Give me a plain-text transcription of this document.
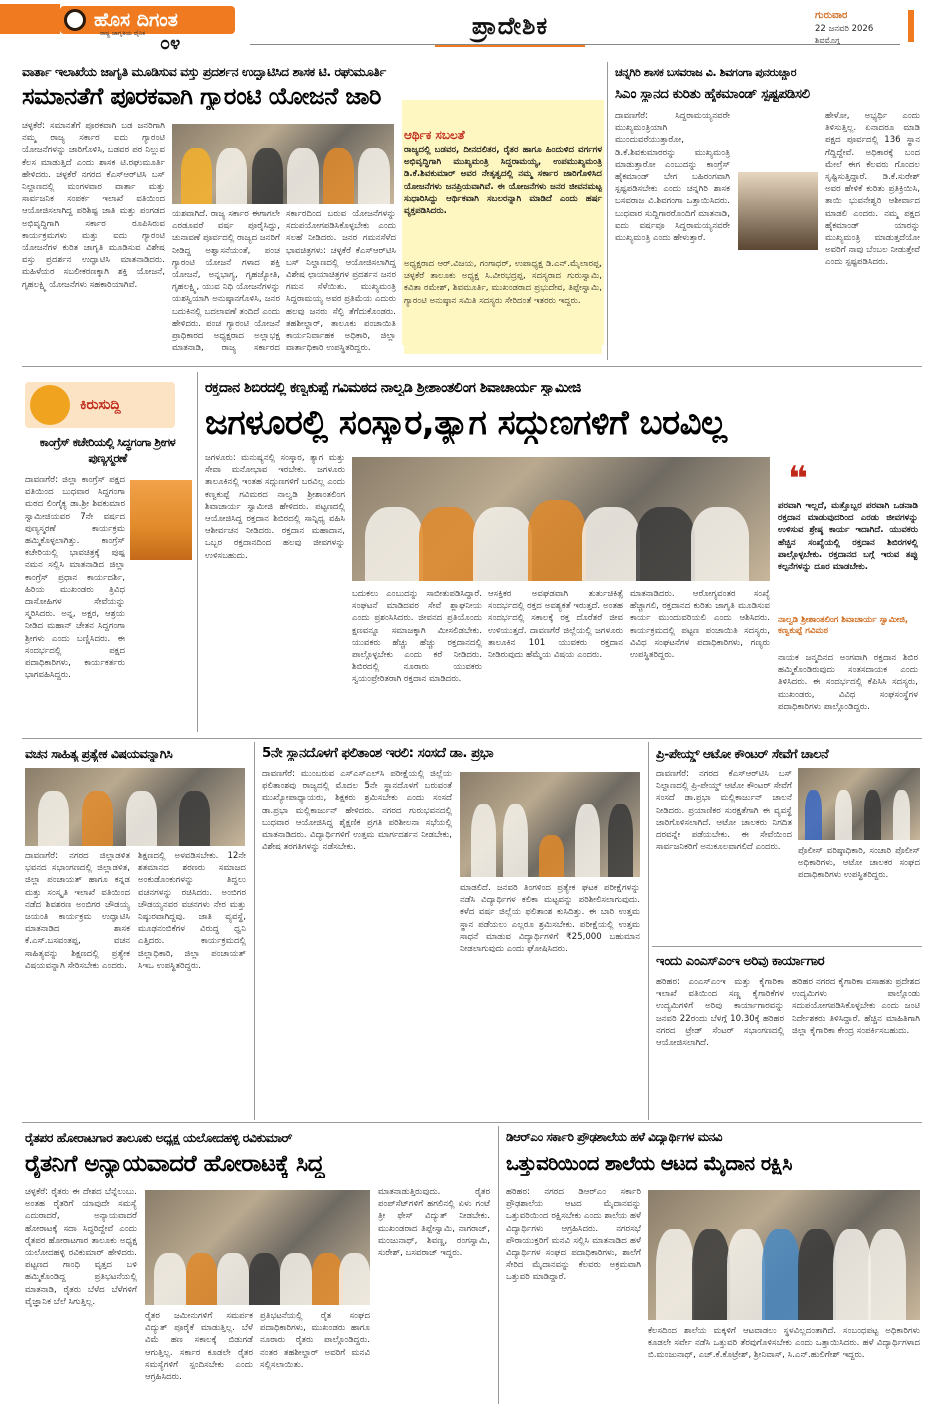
ಹೊಸ ದಿಗಂತ
ರಾಷ್ಟ್ರ ಜಾಗೃತಿಯ ದೈನಿಕ ೦೪
ಪ್ರಾದೇಶಿಕ	ಗುರುವಾರ
22 ಜನವರಿ 2026
ಶಿವಮೊಗ್ಗ
ವಾರ್ತಾ ಇಲಾಖೆಯ ಜಾಗೃತಿ ಮೂಡಿಸುವ ವಸ್ತು ಪ್ರದರ್ಶನ ಉದ್ಘಾಟಿಸಿದ ಶಾಸಕ ಟಿ. ರಘುಮೂರ್ತಿ
ಸಮಾನತೆಗೆ ಪೂರಕವಾಗಿ ಗ್ಯಾರಂಟಿ ಯೋಜನೆ ಜಾರಿ
ಚಳ್ಳಕೆರೆ: ಸಮಾನತೆಗೆ ಪೂರಕವಾಗಿ ಬಡ ಜನರಿಗಾಗಿ ನಮ್ಮ ರಾಜ್ಯ ಸರ್ಕಾರ ಐದು ಗ್ಯಾರಂಟಿ ಯೋಜನೆಗಳನ್ನು ಜಾರಿಗೊಳಿಸಿ, ಬಡವರ ಪರ ನಿಲ್ಲುವ ಕೆಲಸ ಮಾಡುತ್ತಿದೆ ಎಂದು ಶಾಸಕ ಟಿ.ರಘುಮೂರ್ತಿ ಹೇಳಿದರು. ಚಳ್ಳಕೆರೆ ನಗರದ ಕೆಎಸ್‌ಆರ್‌ಟಿಸಿ ಬಸ್ ನಿಲ್ದಾಣದಲ್ಲಿ ಮಂಗಳವಾರ ವಾರ್ತಾ ಮತ್ತು ಸಾರ್ವಜನಿಕ ಸಂಪರ್ಕ ಇಲಾಖೆ ವತಿಯಿಂದ ಆಯೋಜಿಸಲಾಗಿದ್ದ ಪರಿಶಿಷ್ಟ ಜಾತಿ ಮತ್ತು ಪಂಗಡದ ಅಭಿವೃದ್ಧಿಗಾಗಿ ಸರ್ಕಾರ ರೂಪಿಸಿರುವ ಕಾರ್ಯಕ್ರಮಗಳು ಮತ್ತು ಐದು ಗ್ಯಾರಂಟಿ ಯೋಜನೆಗಳ ಕುರಿತ ಜಾಗೃತಿ ಮೂಡಿಸುವ ವಿಶೇಷ ವಸ್ತು ಪ್ರದರ್ಶನ ಉದ್ಘಾಟಿಸಿ ಮಾತನಾಡಿದರು. ಮಹಿಳೆಯರ ಸಬಲೀಕರಣಕ್ಕಾಗಿ ಶಕ್ತಿ ಯೋಜನೆ, ಗೃಹಲಕ್ಷ್ಮಿ ಯೋಜನೆಗಳು ಸಹಕಾರಿಯಾಗಿವೆ.
ಯಶವಾಗಿದೆ. ರಾಜ್ಯ ಸರ್ಕಾರ ಈಗಾಗಲೇ ಎರಡೂವರೆ ವರ್ಷ ಪೂರೈಸಿದ್ದು, ಚುನಾವಣೆ ಪೂರ್ವದಲ್ಲಿ ರಾಜ್ಯದ ಜನರಿಗೆ ನೀಡಿದ್ದ ಅಶ್ವಾಸನೆಯಂತೆ, ಪಂಚ ಗ್ಯಾರಂಟಿ ಯೋಜನೆ ಗಳಾದ ಶಕ್ತಿ ಯೋಜನೆ, ಅನ್ನಭಾಗ್ಯ, ಗೃಹಜ್ಯೋತಿ, ಗೃಹಲಕ್ಷ್ಮಿ, ಯುವ ನಿಧಿ ಯೋಜನೆಗಳನ್ನು ಯಶಸ್ವಿಯಾಗಿ ಅನುಷ್ಠಾನಗೊಳಿಸಿ, ಜನರ ಬದುಕಿನಲ್ಲಿ ಬದಲಾವಣೆ ತಂದಿದೆ ಎಂದು ಹೇಳಿದರು. ಪಂಚ ಗ್ಯಾರಂಟಿ ಯೋಜನೆ ಪ್ರಾಧಿಕಾರದ ಅಧ್ಯಕ್ಷರಾದ ಅಲ್ಲಾಭಕ್ಷ ಮಾತನಾಡಿ, ರಾಜ್ಯ ಸರ್ಕಾರದ
ಸರ್ಕಾರದಿಂದ ಬರುವ ಯೋಜನೆಗಳನ್ನು ಸದುಪಯೋಗಪಡಿಸಿಕೊಳ್ಳಬೇಕು ಎಂದು ಸಲಹೆ ನೀಡಿದರು. ಜನರ ಗಮನಸೆಳೆದ ಭಾವಚಿತ್ರಗಳು: ಚಳ್ಳಕೆರೆ ಕೆಎಸ್‌ಆರ್‌ಟಿಸಿ ಬಸ್ ನಿಲ್ದಾಣದಲ್ಲಿ ಆಯೋಜಿಸಲಾಗಿದ್ದ ವಿಶೇಷ ಛಾಯಾಚಿತ್ರಗಳ ಪ್ರದರ್ಶನ ಜನರ ಗಮನ ಸೆಳೆಯಿತು. ಮುಖ್ಯಮಂತ್ರಿ ಸಿದ್ದರಾಮಯ್ಯ ಅವರ ಪ್ರತಿಮೆಯ ಎದುರು ಹಲವು ಜನರು ಸೆಲ್ಫಿ ತೆಗೆದುಕೊಂಡರು. ತಹಶೀಲ್ದಾರ್, ತಾಲೂಕು ಪಂಚಾಯಿತಿ ಕಾರ್ಯನಿರ್ವಾಹಕ ಅಧಿಕಾರಿ, ಜಿಲ್ಲಾ ವಾರ್ತಾಧಿಕಾರಿ ಉಪಸ್ಥಿತರಿದ್ದರು.
ಆರ್ಥಿಕ ಸಬಲತೆ
ರಾಜ್ಯದಲ್ಲಿ ಬಡವರ, ದೀನದಲಿತರ, ರೈತರ ಹಾಗೂ ಹಿಂದುಳಿದ ವರ್ಗಗಳ ಅಭಿವೃದ್ಧಿಗಾಗಿ ಮುಖ್ಯಮಂತ್ರಿ ಸಿದ್ದರಾಮಯ್ಯ, ಉಪಮುಖ್ಯಮಂತ್ರಿ ಡಿ.ಕೆ.ಶಿವಕುಮಾರ್ ಅವರ ನೇತೃತ್ವದಲ್ಲಿ ನಮ್ಮ ಸರ್ಕಾರ ಜಾರಿಗೊಳಿಸಿದ ಯೋಜನೆಗಳು ಜನಪ್ರಿಯವಾಗಿವೆ. ಈ ಯೋಜನೆಗಳು ಜನರ ಜೀವನಮಟ್ಟ ಸುಧಾರಿಸಿದ್ದು ಆರ್ಥಿಕವಾಗಿ ಸಬಲರನ್ನಾಗಿ ಮಾಡಿದೆ ಎಂದು ಹರ್ಷ ವ್ಯಕ್ತಪಡಿಸಿದರು.
ಅಧ್ಯಕ್ಷರಾದ ಆರ್.ವಿಜಯ, ಗಂಗಾಧರ್, ಉಪಾಧ್ಯಕ್ಷ ಡಿ.ಎನ್.ಮೈಲಾರಪ್ಪ, ಚಳ್ಳಕೆರೆ ತಾಲೂಕು ಅಧ್ಯಕ್ಷ ಸಿ.ವೀರಭದ್ರಪ್ಪ, ಸದಸ್ಯರಾದ ಗುರುಸ್ವಾಮಿ, ಕವಿತಾ ರಮೇಶ್, ಶಿವಮೂರ್ತಿ, ಮುಖಂಡರಾದ ಪ್ರಭುದೇವ, ತಿಪ್ಪೇಸ್ವಾಮಿ, ಗ್ಯಾರಂಟಿ ಅನುಷ್ಠಾನ ಸಮಿತಿ ಸದಸ್ಯರು ಸೇರಿದಂತೆ ಇತರರು ಇದ್ದರು.
ಚನ್ನಗಿರಿ ಶಾಸಕ ಬಸವರಾಜ ವಿ. ಶಿವಗಂಗಾ ಪುನರುಚ್ಚಾರ
ಸಿಎಂ ಸ್ಥಾನದ ಕುರಿತು ಹೈಕಮಾಂಡ್ ಸ್ಪಷ್ಟಪಡಿಸಲಿ
ದಾವಣಗೆರೆ: ಸಿದ್ದರಾಮಯ್ಯನವರೇ ಮುಖ್ಯಮಂತ್ರಿಯಾಗಿ ಮುಂದುವರೆಯುತ್ತಾರೋ, ಡಿ.ಕೆ.ಶಿವಕುಮಾರರನ್ನು ಮುಖ್ಯಮಂತ್ರಿ ಮಾಡುತ್ತಾರೋ ಎಂಬುದನ್ನು ಕಾಂಗ್ರೆಸ್ ಹೈಕಮಾಂಡ್ ಬೇಗ ಬಹಿರಂಗವಾಗಿ ಸ್ಪಷ್ಟಪಡಿಸಬೇಕು ಎಂದು ಚನ್ನಗಿರಿ ಶಾಸಕ ಬಸವರಾಜ ವಿ.ಶಿವಗಂಗಾ ಒತ್ತಾಯಿಸಿದರು. ಬುಧವಾರ ಸುದ್ದಿಗಾರರೊಂದಿಗೆ ಮಾತನಾಡಿ, ಐದು ವರ್ಷವೂ ಸಿದ್ದರಾಮಯ್ಯನವರೇ ಮುಖ್ಯಮಂತ್ರಿ ಎಂದು ಹೇಳುತ್ತಾರೆ.
ಹೇಳೋ, ಅಭ್ಯರ್ಥಿ ಎಂದು ತಿಳಿಸುತ್ತಿಲ್ಲ. ಏನಾದರೂ ಮಾಡಿ ಪಕ್ಷದ ಪೂರ್ವದಲ್ಲಿ 136 ಸ್ಥಾನ ಗೆದ್ದಿದ್ದೇವೆ. ಅಧಿಕಾರಕ್ಕೆ ಬಂದ ಮೇಲೆ ಈಗ ಕೆಲವರು ಗೊಂದಲ ಸೃಷ್ಟಿಸುತ್ತಿದ್ದಾರೆ. ಡಿ.ಕೆ.ಸುರೇಶ್ ಅವರ ಹೇಳಿಕೆ ಕುರಿತು ಪ್ರತಿಕ್ರಿಯಿಸಿ, ತಾಯಿ ಭುವನೇಶ್ವರಿ ಆಶೀರ್ವಾದ ಮಾಡಲಿ ಎಂದರು. ನಮ್ಮ ಪಕ್ಷದ ಹೈಕಮಾಂಡ್ ಯಾರನ್ನು ಮುಖ್ಯಮಂತ್ರಿ ಮಾಡುತ್ತದೆಯೋ ಅವರಿಗೆ ನಾವು ಬೆಂಬಲ ನೀಡುತ್ತೇವೆ ಎಂದು ಸ್ಪಷ್ಟಪಡಿಸಿದರು.
ಕಿರುಸುದ್ದಿ
ಕಾಂಗ್ರೆಸ್ ಕಚೇರಿಯಲ್ಲಿ ಸಿದ್ಧಗಂಗಾ ಶ್ರೀಗಳ ಪುಣ್ಯಸ್ಮರಣೆ
ದಾವಣಗೆರೆ: ಜಿಲ್ಲಾ ಕಾಂಗ್ರೆಸ್ ಪಕ್ಷದ ವತಿಯಿಂದ ಬುಧವಾರ ಸಿದ್ದಗಂಗಾ ಮಠದ ಲಿಂಗೈಕ್ಯ ಡಾ.ಶ್ರೀ ಶಿವಕುಮಾರ ಸ್ವಾಮೀಜಿಯವರ 7ನೇ ವರ್ಷದ ಪುಣ್ಯಸ್ಮರಣೆ ಕಾರ್ಯಕ್ರಮ ಹಮ್ಮಿಕೊಳ್ಳಲಾಗಿತ್ತು. ಕಾಂಗ್ರೆಸ್ ಕಚೇರಿಯಲ್ಲಿ ಭಾವಚಿತ್ರಕ್ಕೆ ಪುಷ್ಪ ನಮನ ಸಲ್ಲಿಸಿ ಮಾತನಾಡಿದ ಜಿಲ್ಲಾ ಕಾಂಗ್ರೆಸ್ ಪ್ರಧಾನ ಕಾರ್ಯದರ್ಶಿ, ಹಿರಿಯ ಮುಖಂಡರು ತ್ರಿವಿಧ ದಾಸೋಹಿಗಳ ಸೇವೆಯನ್ನು ಸ್ಮರಿಸಿದರು. ಅನ್ನ, ಅಕ್ಷರ, ಆಶ್ರಯ ನೀಡಿದ ಮಹಾನ್ ಚೇತನ ಸಿದ್ದಗಂಗಾ ಶ್ರೀಗಳು ಎಂದು ಬಣ್ಣಿಸಿದರು. ಈ ಸಂದರ್ಭದಲ್ಲಿ ಪಕ್ಷದ ಪದಾಧಿಕಾರಿಗಳು, ಕಾರ್ಯಕರ್ತರು ಭಾಗವಹಿಸಿದ್ದರು.
ರಕ್ತದಾನ ಶಿಬಿರದಲ್ಲಿ ಕಣ್ವಕುಪ್ಪೆ ಗವಿಮಠದ ನಾಲ್ವಡಿ ಶ್ರೀಶಾಂತಲಿಂಗ ಶಿವಾಚಾರ್ಯ ಸ್ವಾಮೀಜಿ
ಜಗಳೂರಲ್ಲಿ ಸಂಸ್ಕಾರ,ತ್ಯಾಗ ಸದ್ಗುಣಗಳಿಗೆ ಬರವಿಲ್ಲ
ಜಗಳೂರು: ಮನುಷ್ಯನಲ್ಲಿ ಸಂಸ್ಕಾರ, ತ್ಯಾಗ ಮತ್ತು ಸೇವಾ ಮನೋಭಾವ ಇರಬೇಕು. ಜಗಳೂರು ತಾಲೂಕಿನಲ್ಲಿ ಇಂತಹ ಸದ್ಗುಣಗಳಿಗೆ ಬರವಿಲ್ಲ ಎಂದು ಕಣ್ವಕುಪ್ಪೆ ಗವಿಮಠದ ನಾಲ್ವಡಿ ಶ್ರೀಶಾಂತಲಿಂಗ ಶಿವಾಚಾರ್ಯ ಸ್ವಾಮೀಜಿ ಹೇಳಿದರು. ಪಟ್ಟಣದಲ್ಲಿ ಆಯೋಜಿಸಿದ್ದ ರಕ್ತದಾನ ಶಿಬಿರದಲ್ಲಿ ಸಾನ್ನಿಧ್ಯ ವಹಿಸಿ ಆಶೀರ್ವಚನ ನೀಡಿದರು. ರಕ್ತದಾನ ಮಹಾದಾನ, ಒಬ್ಬರ ರಕ್ತದಾನದಿಂದ ಹಲವು ಜೀವಗಳನ್ನು ಉಳಿಸಬಹುದು.
ಬದುಕಲು ಎಂಬುದನ್ನು ಸಾಬೀತುಪಡಿಸಿದ್ದಾರೆ. ಸಂಘಟನೆ ಮಾಡಿದವರ ಸೇವೆ ಶ್ಲಾಘನೀಯ ಎಂದು ಪ್ರಶಂಸಿಸಿದರು. ಜೀವನದ ಪ್ರತಿಯೊಂದು ಕ್ಷಣವನ್ನೂ ಸಮಾಜಕ್ಕಾಗಿ ಮೀಸಲಿಡಬೇಕು. ಯುವಕರು ಹೆಚ್ಚು ಹೆಚ್ಚು ರಕ್ತದಾನದಲ್ಲಿ ಪಾಲ್ಗೊಳ್ಳಬೇಕು ಎಂದು ಕರೆ ನೀಡಿದರು. ಶಿಬಿರದಲ್ಲಿ ನೂರಾರು ಯುವಕರು ಸ್ವಯಂಪ್ರೇರಿತರಾಗಿ ರಕ್ತದಾನ ಮಾಡಿದರು.
ಆಸಕ್ತಿಕರ ಅವಘಡವಾಗಿ ತುರ್ತುಚಿಕಿತ್ಸೆ ಸಂದರ್ಭದಲ್ಲಿ ರಕ್ತದ ಅವಶ್ಯಕತೆ ಇರುತ್ತದೆ. ಅಂತಹ ಸಂದರ್ಭದಲ್ಲಿ ಸಕಾಲಕ್ಕೆ ರಕ್ತ ದೊರೆತರೆ ಜೀವ ಉಳಿಯುತ್ತದೆ. ದಾವಣಗೆರೆ ಜಿಲ್ಲೆಯಲ್ಲಿ ಜಗಳೂರು ತಾಲೂಕಿನ 101 ಯುವಕರು ರಕ್ತದಾನ ನೀಡಿರುವುದು ಹೆಮ್ಮೆಯ ವಿಷಯ ಎಂದರು.
ಮಾತನಾಡಿದರು. ಆರೋಗ್ಯವಂತರ ಸಂಖ್ಯೆ ಹೆಚ್ಚಾಗಲಿ, ರಕ್ತದಾನದ ಕುರಿತು ಜಾಗೃತಿ ಮೂಡಿಸುವ ಕಾರ್ಯ ಮುಂದುವರಿಯಲಿ ಎಂದು ಆಶಿಸಿದರು. ಕಾರ್ಯಕ್ರಮದಲ್ಲಿ ಪಟ್ಟಣ ಪಂಚಾಯಿತಿ ಸದಸ್ಯರು, ವಿವಿಧ ಸಂಘಟನೆಗಳ ಪದಾಧಿಕಾರಿಗಳು, ಗಣ್ಯರು ಉಪಸ್ಥಿತರಿದ್ದರು.
❝
ಪರವಾಗಿ ಇಲ್ಲದೆ, ಮತ್ತೊಬ್ಬರ ಪರವಾಗಿ ಒಡನಾಡಿ ರಕ್ತದಾನ ಮಾಡುವುದರಿಂದ ಎರಡು ಜೀವಗಳನ್ನು ಉಳಿಸುವ ಶ್ರೇಷ್ಠ ಕಾರ್ಯ ಇದಾಗಿದೆ. ಯುವಕರು ಹೆಚ್ಚಿನ ಸಂಖ್ಯೆಯಲ್ಲಿ ರಕ್ತದಾನ ಶಿಬಿರಗಳಲ್ಲಿ ಪಾಲ್ಗೊಳ್ಳಬೇಕು. ರಕ್ತದಾನದ ಬಗ್ಗೆ ಇರುವ ತಪ್ಪು ಕಲ್ಪನೆಗಳನ್ನು ದೂರ ಮಾಡಬೇಕು.
ನಾಲ್ವಡಿ ಶ್ರೀಶಾಂತಲಿಂಗ ಶಿವಾಚಾರ್ಯ ಸ್ವಾಮೀಜಿ, ಕಣ್ವಕುಪ್ಪೆ ಗವಿಮಠ
ನಾಯಕ ಜನ್ಮದಿನದ ಅಂಗವಾಗಿ ರಕ್ತದಾನ ಶಿಬಿರ ಹಮ್ಮಿಕೊಂಡಿರುವುದು ಸಂತಸದಾಯಕ ಎಂದು ತಿಳಿಸಿದರು. ಈ ಸಂದರ್ಭದಲ್ಲಿ ಕೆಪಿಸಿಸಿ ಸದಸ್ಯರು, ಮುಖಂಡರು, ವಿವಿಧ ಸಂಘಸಂಸ್ಥೆಗಳ ಪದಾಧಿಕಾರಿಗಳು ಪಾಲ್ಗೊಂಡಿದ್ದರು.
ವಚನ ಸಾಹಿತ್ಯ ಪ್ರತ್ಯೇಕ ವಿಷಯವನ್ನಾಗಿಸಿ
ದಾವಣಗೆರೆ: ನಗರದ ಜಿಲ್ಲಾಡಳಿತ ಭವನದ ಸಭಾಂಗಣದಲ್ಲಿ ಜಿಲ್ಲಾಡಳಿತ, ಜಿಲ್ಲಾ ಪಂಚಾಯತ್ ಹಾಗೂ ಕನ್ನಡ ಮತ್ತು ಸಂಸ್ಕೃತಿ ಇಲಾಖೆ ವತಿಯಿಂದ ನಡೆದ ಶಿವಶರಣ ಅಂಬಿಗರ ಚೌಡಯ್ಯ ಜಯಂತಿ ಕಾರ್ಯಕ್ರಮ ಉದ್ಘಾಟಿಸಿ ಮಾತನಾಡಿದ ಶಾಸಕ ಕೆ.ಎಸ್.ಬಸವಂತಪ್ಪ, ವಚನ ಸಾಹಿತ್ಯವನ್ನು ಶಿಕ್ಷಣದಲ್ಲಿ ಪ್ರತ್ಯೇಕ ವಿಷಯವನ್ನಾಗಿ ಸೇರಿಸಬೇಕು ಎಂದರು.
ಶಿಕ್ಷಣದಲ್ಲಿ ಅಳವಡಿಸಬೇಕು. 12ನೇ ಶತಮಾನದ ಶರಣರು ಸಮಾಜದ ಅಂಕುಡೊಂಕುಗಳನ್ನು ತಿದ್ದಲು ವಚನಗಳನ್ನು ರಚಿಸಿದರು. ಅಂಬಿಗರ ಚೌಡಯ್ಯನವರ ವಚನಗಳು ನೇರ ಮತ್ತು ನಿಷ್ಠುರವಾಗಿದ್ದವು. ಜಾತಿ ವ್ಯವಸ್ಥೆ, ಮೂಢನಂಬಿಕೆಗಳ ವಿರುದ್ಧ ಧ್ವನಿ ಎತ್ತಿದರು. ಕಾರ್ಯಕ್ರಮದಲ್ಲಿ ಜಿಲ್ಲಾಧಿಕಾರಿ, ಜಿಲ್ಲಾ ಪಂಚಾಯತ್ ಸಿಇಒ ಉಪಸ್ಥಿತರಿದ್ದರು.
5ನೇ ಸ್ಥಾನದೊಳಗೆ ಫಲಿತಾಂಶ ಇರಲಿ: ಸಂಸದೆ ಡಾ. ಪ್ರಭಾ
ದಾವಣಗೆರೆ: ಮುಂಬರುವ ಎಸ್ಎಸ್ಎಲ್‌ಸಿ ಪರೀಕ್ಷೆಯಲ್ಲಿ ಜಿಲ್ಲೆಯ ಫಲಿತಾಂಶವು ರಾಜ್ಯದಲ್ಲಿ ಮೊದಲ 5ನೇ ಸ್ಥಾನದೊಳಗೆ ಬರುವಂತೆ ಮುಖ್ಯೋಪಾಧ್ಯಾಯರು, ಶಿಕ್ಷಕರು ಶ್ರಮಿಸಬೇಕು ಎಂದು ಸಂಸದೆ ಡಾ.ಪ್ರಭಾ ಮಲ್ಲಿಕಾರ್ಜುನ್ ಹೇಳಿದರು. ನಗರದ ಗುರುಭವನದಲ್ಲಿ ಬುಧವಾರ ಆಯೋಜಿಸಿದ್ದ ಶೈಕ್ಷಣಿಕ ಪ್ರಗತಿ ಪರಿಶೀಲನಾ ಸಭೆಯಲ್ಲಿ ಮಾತನಾಡಿದರು. ವಿದ್ಯಾರ್ಥಿಗಳಿಗೆ ಉತ್ತಮ ಮಾರ್ಗದರ್ಶನ ನೀಡಬೇಕು, ವಿಶೇಷ ತರಗತಿಗಳನ್ನು ನಡೆಸಬೇಕು.
ಮಾಡಲಿದೆ. ಜನವರಿ ತಿಂಗಳಿಂದ ಪ್ರತ್ಯೇಕ ಘಟಕ ಪರೀಕ್ಷೆಗಳನ್ನು ನಡೆಸಿ ವಿದ್ಯಾರ್ಥಿಗಳ ಕಲಿಕಾ ಮಟ್ಟವನ್ನು ಪರಿಶೀಲಿಸಲಾಗುವುದು. ಕಳೆದ ವರ್ಷ ಜಿಲ್ಲೆಯ ಫಲಿತಾಂಶ ಕುಸಿದಿತ್ತು. ಈ ಬಾರಿ ಉತ್ತಮ ಸ್ಥಾನ ಪಡೆಯಲು ಎಲ್ಲರೂ ಶ್ರಮಿಸಬೇಕು. ಪರೀಕ್ಷೆಯಲ್ಲಿ ಉತ್ತಮ ಸಾಧನೆ ಮಾಡುವ ವಿದ್ಯಾರ್ಥಿಗಳಿಗೆ ₹25,000 ಬಹುಮಾನ ನೀಡಲಾಗುವುದು ಎಂದು ಘೋಷಿಸಿದರು.
ಪ್ರಿ-ಪೇಯ್ಡ್ ಆಟೋ ಕೌಂಟರ್ ಸೇವೆಗೆ ಚಾಲನೆ
ದಾವಣಗೆರೆ: ನಗರದ ಕೆಎಸ್ಆರ್‌ಟಿಸಿ ಬಸ್ ನಿಲ್ದಾಣದಲ್ಲಿ ಪ್ರಿ-ಪೇಯ್ಡ್ ಆಟೋ ಕೌಂಟರ್ ಸೇವೆಗೆ ಸಂಸದೆ ಡಾ.ಪ್ರಭಾ ಮಲ್ಲಿಕಾರ್ಜುನ್ ಚಾಲನೆ ನೀಡಿದರು. ಪ್ರಯಾಣಿಕರ ಸುರಕ್ಷತೆಗಾಗಿ ಈ ವ್ಯವಸ್ಥೆ ಜಾರಿಗೊಳಿಸಲಾಗಿದೆ. ಆಟೋ ಚಾಲಕರು ನಿಗದಿತ ದರವನ್ನೇ ಪಡೆಯಬೇಕು. ಈ ಸೇವೆಯಿಂದ ಸಾರ್ವಜನಿಕರಿಗೆ ಅನುಕೂಲವಾಗಲಿದೆ ಎಂದರು.	ಪೊಲೀಸ್ ವರಿಷ್ಠಾಧಿಕಾರಿ, ಸಂಚಾರಿ ಪೊಲೀಸ್ ಅಧಿಕಾರಿಗಳು, ಆಟೋ ಚಾಲಕರ ಸಂಘದ ಪದಾಧಿಕಾರಿಗಳು ಉಪಸ್ಥಿತರಿದ್ದರು.
ಇಂದು ಎಂಎಸ್‌ಎಂಇ ಅರಿವು ಕಾರ್ಯಾಗಾರ
ಹರಿಹರ: ಎಂಎಸ್‌ಎಂಇ ಮತ್ತು ಕೈಗಾರಿಕಾ ಇಲಾಖೆ ವತಿಯಿಂದ ಸಣ್ಣ ಕೈಗಾರಿಕೆಗಳ ಉದ್ಯಮಿಗಳಿಗೆ ಅರಿವು ಕಾರ್ಯಾಗಾರವನ್ನು ಜನವರಿ 22ರಂದು ಬೆಳಗ್ಗೆ 10.30ಕ್ಕೆ ಹರಿಹರ ನಗರದ ಟ್ರೇಡ್ ಸೆಂಟರ್ ಸಭಾಂಗಣದಲ್ಲಿ ಆಯೋಜಿಸಲಾಗಿದೆ.
ಹರಿಹರ ನಗರದ ಕೈಗಾರಿಕಾ ವಸಾಹತು ಪ್ರದೇಶದ ಉದ್ಯಮಿಗಳು ಪಾಲ್ಗೊಂಡು ಸದುಪಯೋಗಪಡಿಸಿಕೊಳ್ಳಬೇಕು ಎಂದು ಜಂಟಿ ನಿರ್ದೇಶಕರು ತಿಳಿಸಿದ್ದಾರೆ. ಹೆಚ್ಚಿನ ಮಾಹಿತಿಗಾಗಿ ಜಿಲ್ಲಾ ಕೈಗಾರಿಕಾ ಕೇಂದ್ರ ಸಂಪರ್ಕಿಸಬಹುದು.
ರೈತಪರ ಹೋರಾಟಗಾರ ತಾಲೂಕು ಅಧ್ಯಕ್ಷ ಯಲೋದಹಳ್ಳಿ ರವಿಕುಮಾರ್
ರೈತನಿಗೆ ಅನ್ಯಾಯವಾದರೆ ಹೋರಾಟಕ್ಕೆ ಸಿದ್ಧ
ಚಳ್ಳಕೆರೆ: ರೈತರು ಈ ದೇಶದ ಬೆನ್ನೆಲುಬು. ಅಂತಹ ರೈತರಿಗೆ ಯಾವುದೇ ಸಮಸ್ಯೆ ಎದುರಾದರೆ, ಅನ್ಯಾಯವಾದರೆ ಹೋರಾಟಕ್ಕೆ ಸದಾ ಸಿದ್ಧರಿದ್ದೇವೆ ಎಂದು ರೈತಪರ ಹೋರಾಟಗಾರ ತಾಲೂಕು ಅಧ್ಯಕ್ಷ ಯಲೋದಹಳ್ಳಿ ರವಿಕುಮಾರ್ ಹೇಳಿದರು. ಪಟ್ಟಣದ ಗಾಂಧಿ ವೃತ್ತದ ಬಳಿ ಹಮ್ಮಿಕೊಂಡಿದ್ದ ಪ್ರತಿಭಟನೆಯಲ್ಲಿ ಮಾತನಾಡಿ, ರೈತರು ಬೆಳೆದ ಬೆಳೆಗಳಿಗೆ ವೈಜ್ಞಾನಿಕ ಬೆಲೆ ಸಿಗುತ್ತಿಲ್ಲ.
ರೈತರ ಜಮೀನುಗಳಿಗೆ ಸಮರ್ಪಕ ವಿದ್ಯುತ್ ಪೂರೈಕೆ ಮಾಡುತ್ತಿಲ್ಲ. ಬೆಳೆ ವಿಮೆ ಹಣ ಸಕಾಲಕ್ಕೆ ಬಿಡುಗಡೆ ಆಗುತ್ತಿಲ್ಲ. ಸರ್ಕಾರ ಕೂಡಲೇ ರೈತರ ಸಮಸ್ಯೆಗಳಿಗೆ ಸ್ಪಂದಿಸಬೇಕು ಎಂದು ಆಗ್ರಹಿಸಿದರು.
ಪ್ರತಿಭಟನೆಯಲ್ಲಿ ರೈತ ಸಂಘದ ಪದಾಧಿಕಾರಿಗಳು, ಮುಖಂಡರು ಹಾಗೂ ನೂರಾರು ರೈತರು ಪಾಲ್ಗೊಂಡಿದ್ದರು. ನಂತರ ತಹಶೀಲ್ದಾರ್ ಅವರಿಗೆ ಮನವಿ ಸಲ್ಲಿಸಲಾಯಿತು.
ಮಾತನಾಡುತ್ತಿರುವುದು. ರೈತರ ಪಂಪ್‌ಸೆಟ್‌ಗಳಿಗೆ ಹಗಲಿನಲ್ಲಿ ಏಳು ಗಂಟೆ ತ್ರೀ ಫೇಸ್ ವಿದ್ಯುತ್ ನೀಡಬೇಕು. ಮುಖಂಡರಾದ ತಿಪ್ಪೇಸ್ವಾಮಿ, ನಾಗರಾಜ್, ಮಂಜುನಾಥ್, ಶಿವಣ್ಣ, ರಂಗಸ್ವಾಮಿ, ಸುರೇಶ್, ಬಸವರಾಜ್ ಇದ್ದರು.
ಡಿಆರ್‌ಎಂ ಸರ್ಕಾರಿ ಪ್ರೌಢಶಾಲೆಯ ಹಳೆ ವಿದ್ಯಾರ್ಥಿಗಳ ಮನವಿ
ಒತ್ತುವರಿಯಿಂದ ಶಾಲೆಯ ಆಟದ ಮೈದಾನ ರಕ್ಷಿಸಿ
ಹರಿಹರ: ನಗರದ ಡಿಆರ್‌ಎಂ ಸರ್ಕಾರಿ ಪ್ರೌಢಶಾಲೆಯ ಆಟದ ಮೈದಾನವನ್ನು ಒತ್ತುವರಿಯಿಂದ ರಕ್ಷಿಸಬೇಕು ಎಂದು ಶಾಲೆಯ ಹಳೆ ವಿದ್ಯಾರ್ಥಿಗಳು ಆಗ್ರಹಿಸಿದರು. ನಗರಸಭೆ ಪೌರಾಯುಕ್ತರಿಗೆ ಮನವಿ ಸಲ್ಲಿಸಿ ಮಾತನಾಡಿದ ಹಳೆ ವಿದ್ಯಾರ್ಥಿಗಳ ಸಂಘದ ಪದಾಧಿಕಾರಿಗಳು, ಶಾಲೆಗೆ ಸೇರಿದ ಮೈದಾನವನ್ನು ಕೆಲವರು ಅಕ್ರಮವಾಗಿ ಒತ್ತುವರಿ ಮಾಡಿದ್ದಾರೆ.
ಕೆಲಸದಿಂದ ಶಾಲೆಯ ಮಕ್ಕಳಿಗೆ ಆಟವಾಡಲು ಸ್ಥಳವಿಲ್ಲದಂತಾಗಿದೆ. ಸಂಬಂಧಪಟ್ಟ ಅಧಿಕಾರಿಗಳು ಕೂಡಲೇ ಸರ್ವೇ ನಡೆಸಿ ಒತ್ತುವರಿ ತೆರವುಗೊಳಿಸಬೇಕು ಎಂದು ಒತ್ತಾಯಿಸಿದರು. ಹಳೆ ವಿದ್ಯಾರ್ಥಿಗಳಾದ ಬಿ.ಮಂಜುನಾಥ್, ಎಚ್.ಕೆ.ಕೊಟ್ರೇಶ್, ಶ್ರೀನಿವಾಸ್, ಸಿ.ಎನ್.ಹುಲಿಗೇಶ್ ಇದ್ದರು.
